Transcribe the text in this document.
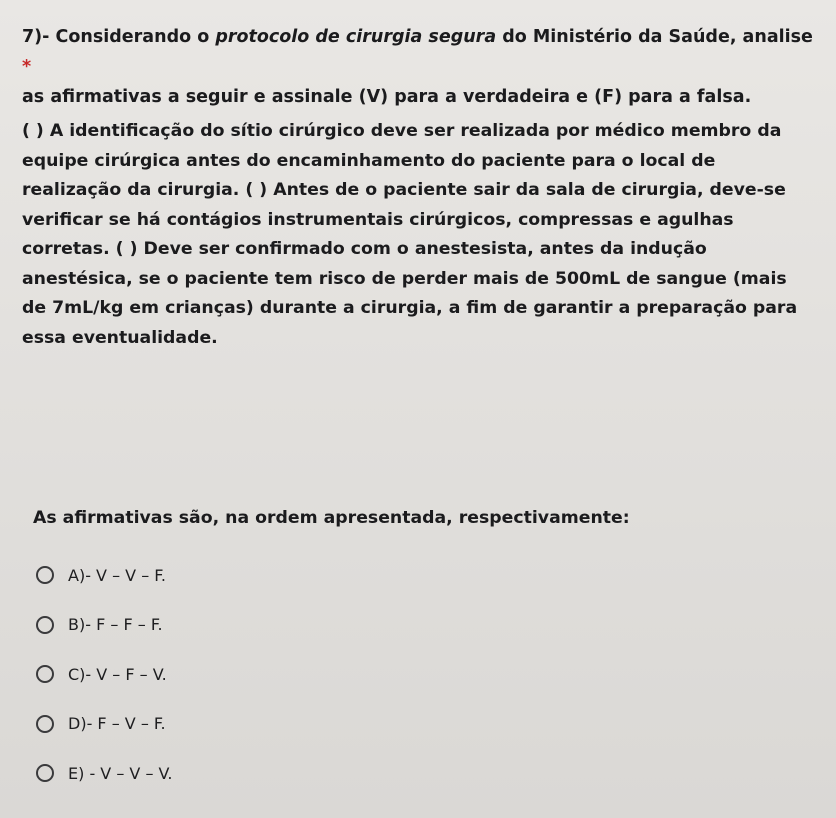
7)- Considerando o protocolo de cirurgia segura do Ministério da Saúde, analise *

as afirmativas a seguir e assinale (V) para a verdadeira e (F) para a falsa.

( ) A identificação do sítio cirúrgico deve ser realizada por médico membro da equipe cirúrgica antes do encaminhamento do paciente para o local de realização da cirurgia. ( ) Antes de o paciente sair da sala de cirurgia, deve-se verificar se há contágios instrumentais cirúrgicos, compressas e agulhas corretas. ( ) Deve ser confirmado com o anestesista, antes da indução anestésica, se o paciente tem risco de perder mais de 500mL de sangue (mais de 7mL/kg em crianças) durante a cirurgia, a fim de garantir a preparação para essa eventualidade.

As afirmativas são, na ordem apresentada, respectivamente:

A)- V – V – F.
B)- F – F – F.
C)- V – F – V.
D)- F – V – F.
E) - V – V – V.
